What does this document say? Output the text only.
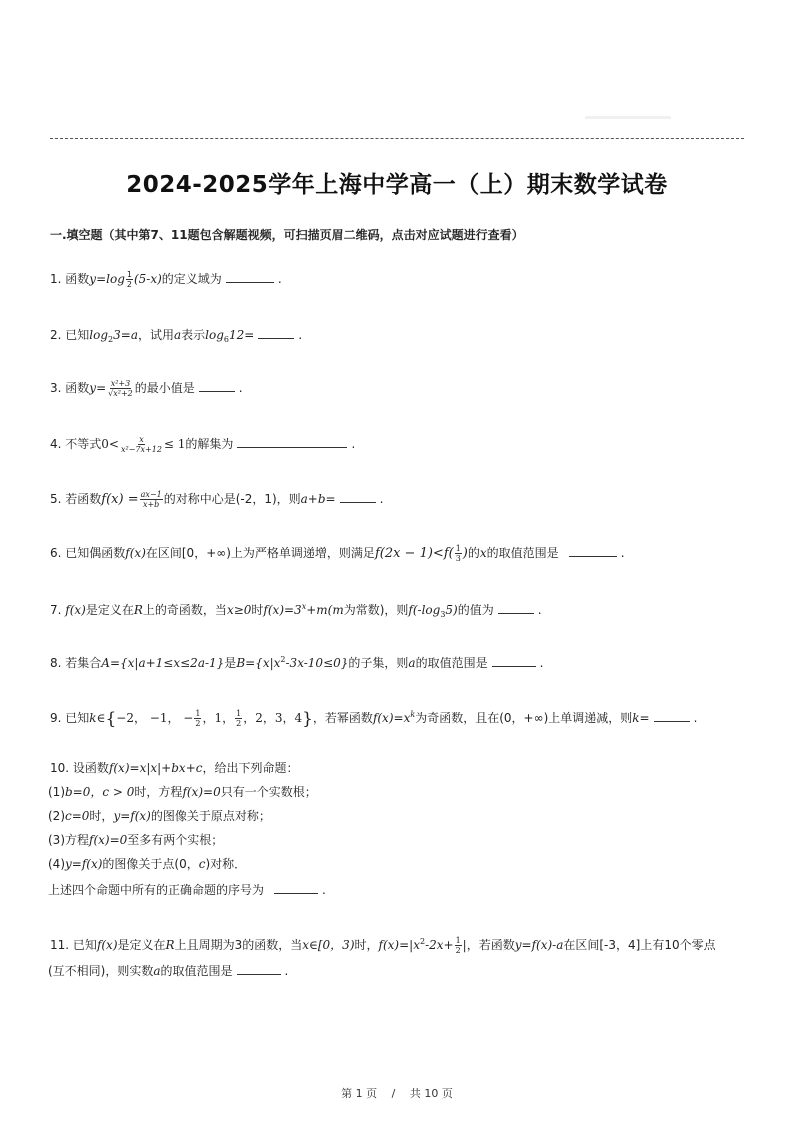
2024-2025学年上海中学高一（上）期末数学试卷
一.填空题（其中第7、11题包含解题视频，可扫描页眉二维码，点击对应试题进行查看）
1. 函数$y=\log \frac{1}{2} (5-x)$的定义域为	.
2. 已知$\log_23=a$，试用a表示$\log_612=$	.
3. 函数$y= \frac{\text{x²+3}}{\text{√x²+2}}$ 的最小值是	.
4. 不等式$0< \frac{x}{\text{x²−7x+12}} \le 1$的解集为	.
5. 若函数$f(x) = \frac{ax-1}{x+b}$ 的对称中心是(-2，1)，则a+b=	.
6. 已知偶函数f(x)在区间[0，+∞)上为严格单调递增，则满足$f(2x - 1)<f( \frac{1}{3}$ )的x的取值范围是	.
7. f(x)是定义在R上的奇函数，当x≥0时$f(x)=3^x+m(m$为常数)，则$f(-\log_35)$的值为	.
8. 若集合A={x|a+1≤x≤2a-1}是$B=\{x|x^2-3x-10\le 0\}$的子集，则a的取值范围是	.
9. 已知k∈{−2， −1， − $\frac{1}{2}$ ，1， $\frac{1}{2}$ ，2，3，4}，若幂函数$f(x)=x^k$为奇函数，且在(0，+∞)上单调递减，则k=	.
10. 设函数f(x)=x|x|+bx+c，给出下列命题：
(1)b=0，c > 0时，方程f(x)=0只有一个实数根；
(2)c=0时，y=f(x)的图像关于原点对称；
(3)方程f(x)=0至多有两个实根；
(4)y=f(x)的图像关于点(0，c)对称．
上述四个命题中所有的正确命题的序号为	.
11. 已知f(x)是定义在R上且周期为3的函数，当x∈[0，3)时，$f(x)=|x^2-2x+ \frac{1}{2}$ |，若函数y=f(x)-a在区间[-3，4]上有10个零点
(互不相同)，则实数a的取值范围是	.
第 1 页 　/　 共 10 页
